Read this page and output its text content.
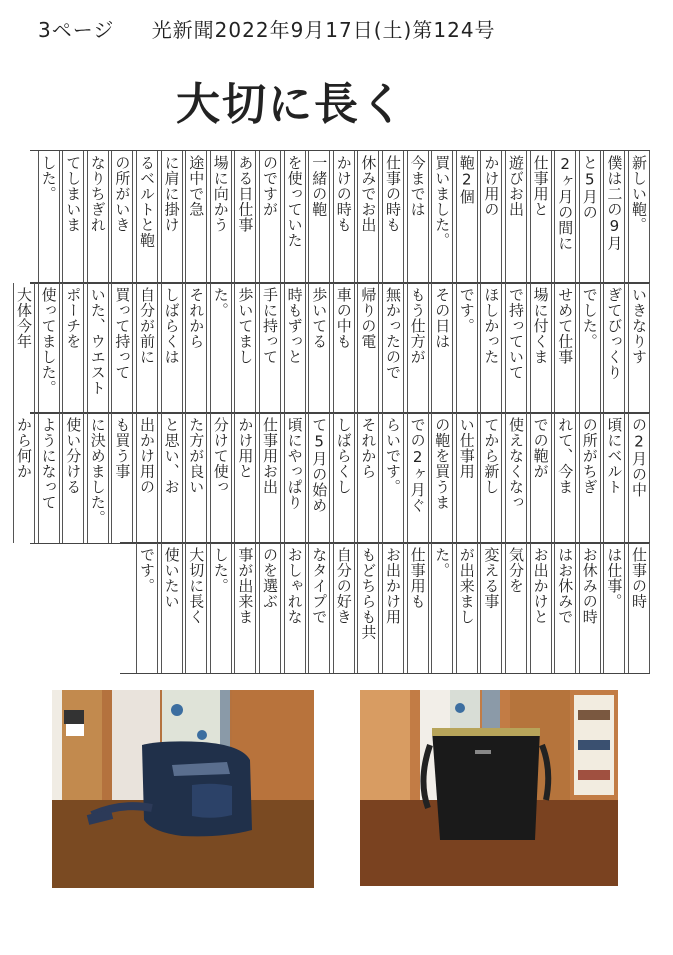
3ページ 光新聞2022年9月17日(土)第124号
大切に長く
新しい鞄。
僕は二の9月
と5月の
2ヶ月の間に
仕事用と
遊びお出
かけ用の
鞄2個
買いました。
今までは
仕事の時も
休みでお出
かけの時も
一緒の鞄
を使っていた
のですが
ある日仕事
場に向かう
途中で急
に肩に掛け
るベルトと鞄
の所がいき
なりちぎれ
てしまいま
した。
いきなりす
ぎてびっくり
でした。
せめて仕事
場に付くま
で持っていて
ほしかった
です。
その日は
もう仕方が
無かったので
帰りの電
車の中も
歩いてる
時もずっと
手に持って
歩いてまし
た。
それから
しばらくは
自分が前に
買って持って
いた、ウエスト
ポーチを
使ってました。
大体今年
の2月の中
頃にベルト
の所がちぎ
れて、今ま
での鞄が
使えなくなっ
てから新し
い仕事用
の鞄を買うま
での2ヶ月ぐ
らいです。
それから
しばらくし
て5月の始め
頃にやっぱり
仕事用お出
かけ用と
分けて使っ
た方が良い
と思い、お
出かけ用の
も買う事
に決めました。
使い分ける
ようになって
から何か
仕事の時
は仕事。
お休みの時
はお休みで
お出かけと
気分を
変える事
が出来まし
た。
仕事用も
お出かけ用
もどちらも共
自分の好き
なタイプで
おしゃれな
のを選ぶ
事が出来ま
した。
大切に長く
使いたい
です。
